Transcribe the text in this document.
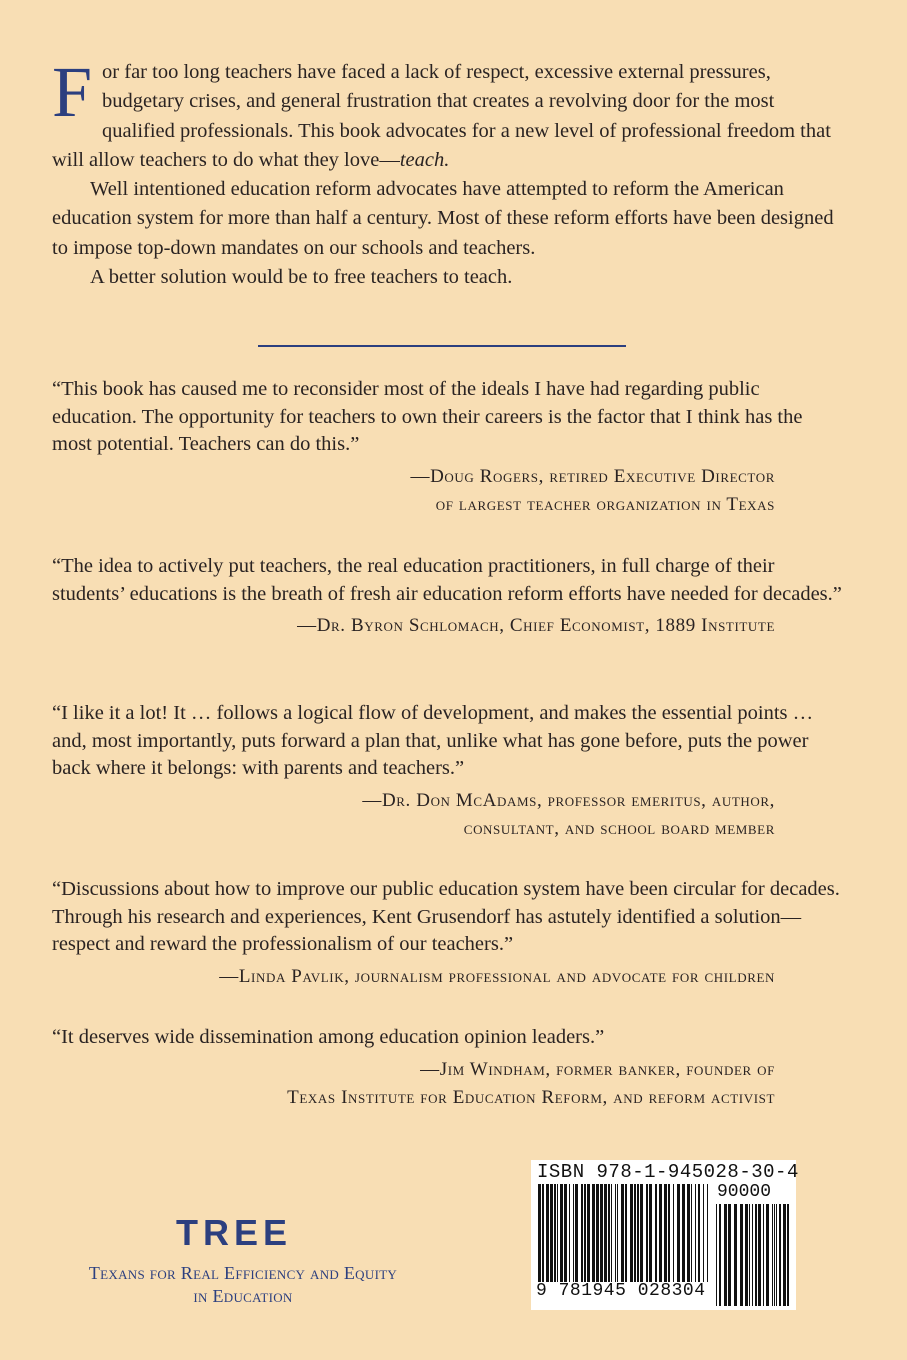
For far too long teachers have faced a lack of respect, excessive external pressures, budgetary crises, and general frustration that creates a revolving door for the most qualified professionals. This book advocates for a new level of professional freedom that will allow teachers to do what they love—teach.

Well intentioned education reform advocates have attempted to reform the American education system for more than half a century. Most of these reform efforts have been designed to impose top-down mandates on our schools and teachers.

A better solution would be to free teachers to teach.

“This book has caused me to reconsider most of the ideals I have had regarding public education. The opportunity for teachers to own their careers is the factor that I think has the most potential. Teachers can do this.”

—Doug Rogers, retired Executive Director
of largest teacher organization in Texas

“The idea to actively put teachers, the real education practitioners, in full charge of their students’ educations is the breath of fresh air education reform efforts have needed for decades.”

—Dr. Byron Schlomach, Chief Economist, 1889 Institute

“I like it a lot! It … follows a logical flow of development, and makes the essential points … and, most importantly, puts forward a plan that, unlike what has gone before, puts the power back where it belongs: with parents and teachers.”

—Dr. Don McAdams, professor emeritus, author,
consultant, and school board member

“Discussions about how to improve our public education system have been circular for decades. Through his research and experiences, Kent Grusendorf has astutely identified a solution—respect and reward the professionalism of our teachers.”

—Linda Pavlik, journalism professional and advocate for children

“It deserves wide dissemination among education opinion leaders.”

—Jim Windham, former banker, founder of
Texas Institute for Education Reform, and reform activist
TREE
Texans for Real Efficiency and Equity
in Education
ISBN 978-1-945028-30-4
90000
9 781945 028304
